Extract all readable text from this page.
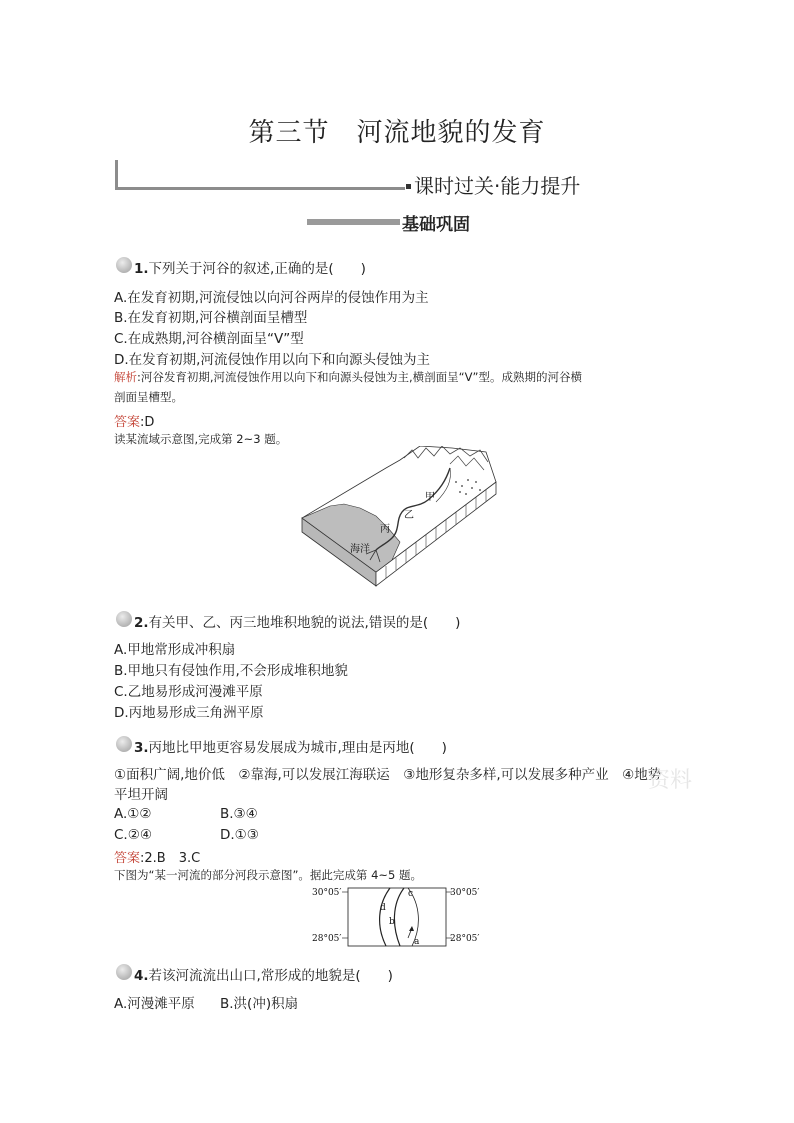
第三节　河流地貌的发育
课时过关·能力提升
基础巩固
1.下列关于河谷的叙述,正确的是(　　)
A.在发育初期,河流侵蚀以向河谷两岸的侵蚀作用为主
B.在发育初期,河谷横剖面呈槽型
C.在成熟期,河谷横剖面呈“V”型
D.在发育初期,河流侵蚀作用以向下和向源头侵蚀为主
解析:河谷发育初期,河流侵蚀作用以向下和向源头侵蚀为主,横剖面呈“V”型。成熟期的河谷横
剖面呈槽型。
答案:D
读某流域示意图,完成第 2~3 题。
甲
乙
丙
海洋
2.有关甲、乙、丙三地堆积地貌的说法,错误的是(　　)
A.甲地常形成冲积扇
B.甲地只有侵蚀作用,不会形成堆积地貌
C.乙地易形成河漫滩平原
D.丙地易形成三角洲平原
3.丙地比甲地更容易发展成为城市,理由是丙地(　　)
①面积广阔,地价低　②靠海,可以发展江海联运　③地形复杂多样,可以发展多种产业　④地势
平坦开阔
资料
A.①②	B.③④
C.②④	D.①③
答案:2.B　3.C
下图为“某一河流的部分河段示意图”。据此完成第 4~5 题。
30°05′	30°05′
28°05′	28°05′
d
c
b
a
4.若该河流流出山口,常形成的地貌是(　　)
A.河漫滩平原 B.洪(冲)积扇
